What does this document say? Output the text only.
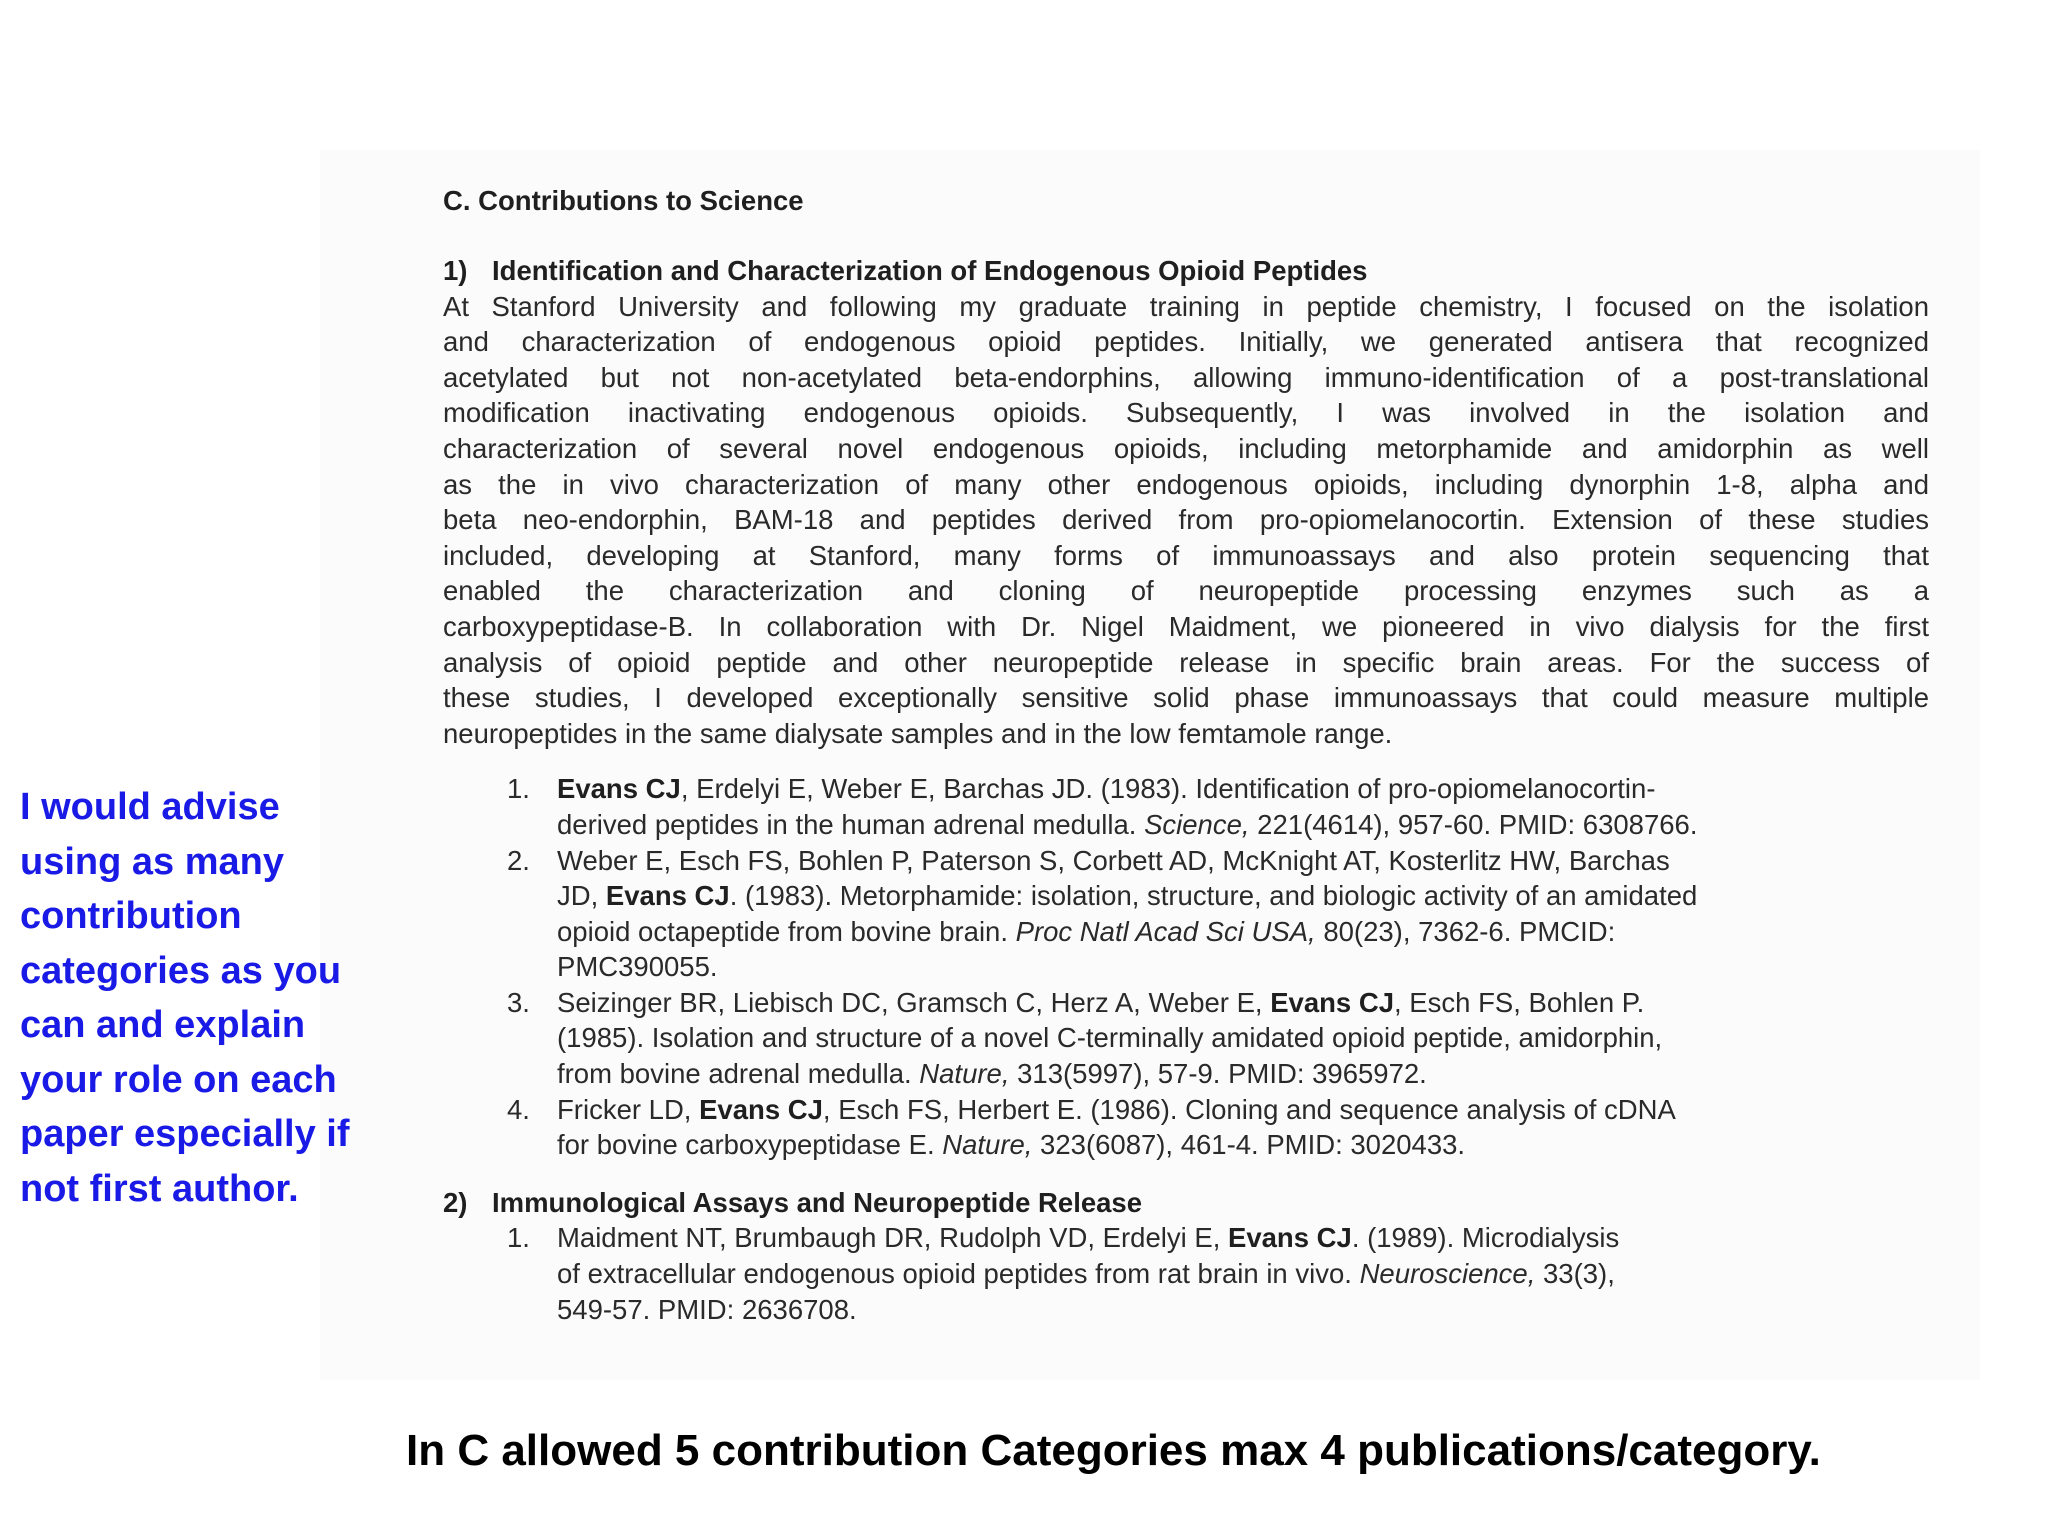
C. Contributions to Science
1) Identification and Characterization of Endogenous Opioid Peptides
At Stanford University and following my graduate training in peptide chemistry, I focused on the isolation
and characterization of endogenous opioid peptides. Initially, we generated antisera that recognized
acetylated but not non-acetylated beta-endorphins, allowing immuno-identification of a post-translational
modification inactivating endogenous opioids. Subsequently, I was involved in the isolation and
characterization of several novel endogenous opioids, including metorphamide and amidorphin as well
as the in vivo characterization of many other endogenous opioids, including dynorphin 1-8, alpha and
beta neo-endorphin, BAM-18 and peptides derived from pro-opiomelanocortin. Extension of these studies
included, developing at Stanford, many forms of immunoassays and also protein sequencing that
enabled the characterization and cloning of neuropeptide processing enzymes such as a
carboxypeptidase-B. In collaboration with Dr. Nigel Maidment, we pioneered in vivo dialysis for the first
analysis of opioid peptide and other neuropeptide release in specific brain areas. For the success of
these studies, I developed exceptionally sensitive solid phase immunoassays that could measure multiple
neuropeptides in the same dialysate samples and in the low femtamole range.
1. Evans CJ, Erdelyi E, Weber E, Barchas JD. (1983). Identification of pro-opiomelanocortin-
derived peptides in the human adrenal medulla. Science, 221(4614), 957-60. PMID: 6308766.
2. Weber E, Esch FS, Bohlen P, Paterson S, Corbett AD, McKnight AT, Kosterlitz HW, Barchas
JD, Evans CJ. (1983). Metorphamide: isolation, structure, and biologic activity of an amidated
opioid octapeptide from bovine brain. Proc Natl Acad Sci USA, 80(23), 7362-6. PMCID:
PMC390055.
3. Seizinger BR, Liebisch DC, Gramsch C, Herz A, Weber E, Evans CJ, Esch FS, Bohlen P.
(1985). Isolation and structure of a novel C-terminally amidated opioid peptide, amidorphin,
from bovine adrenal medulla. Nature, 313(5997), 57-9. PMID: 3965972.
4. Fricker LD, Evans CJ, Esch FS, Herbert E. (1986). Cloning and sequence analysis of cDNA
for bovine carboxypeptidase E. Nature, 323(6087), 461-4. PMID: 3020433.
2) Immunological Assays and Neuropeptide Release
1. Maidment NT, Brumbaugh DR, Rudolph VD, Erdelyi E, Evans CJ. (1989). Microdialysis
of extracellular endogenous opioid peptides from rat brain in vivo. Neuroscience, 33(3),
549-57. PMID: 2636708.
I would advise
using as many
contribution
categories as you
can and explain
your role on each
paper especially if
not first author.
In C allowed 5 contribution Categories max 4 publications/category.
